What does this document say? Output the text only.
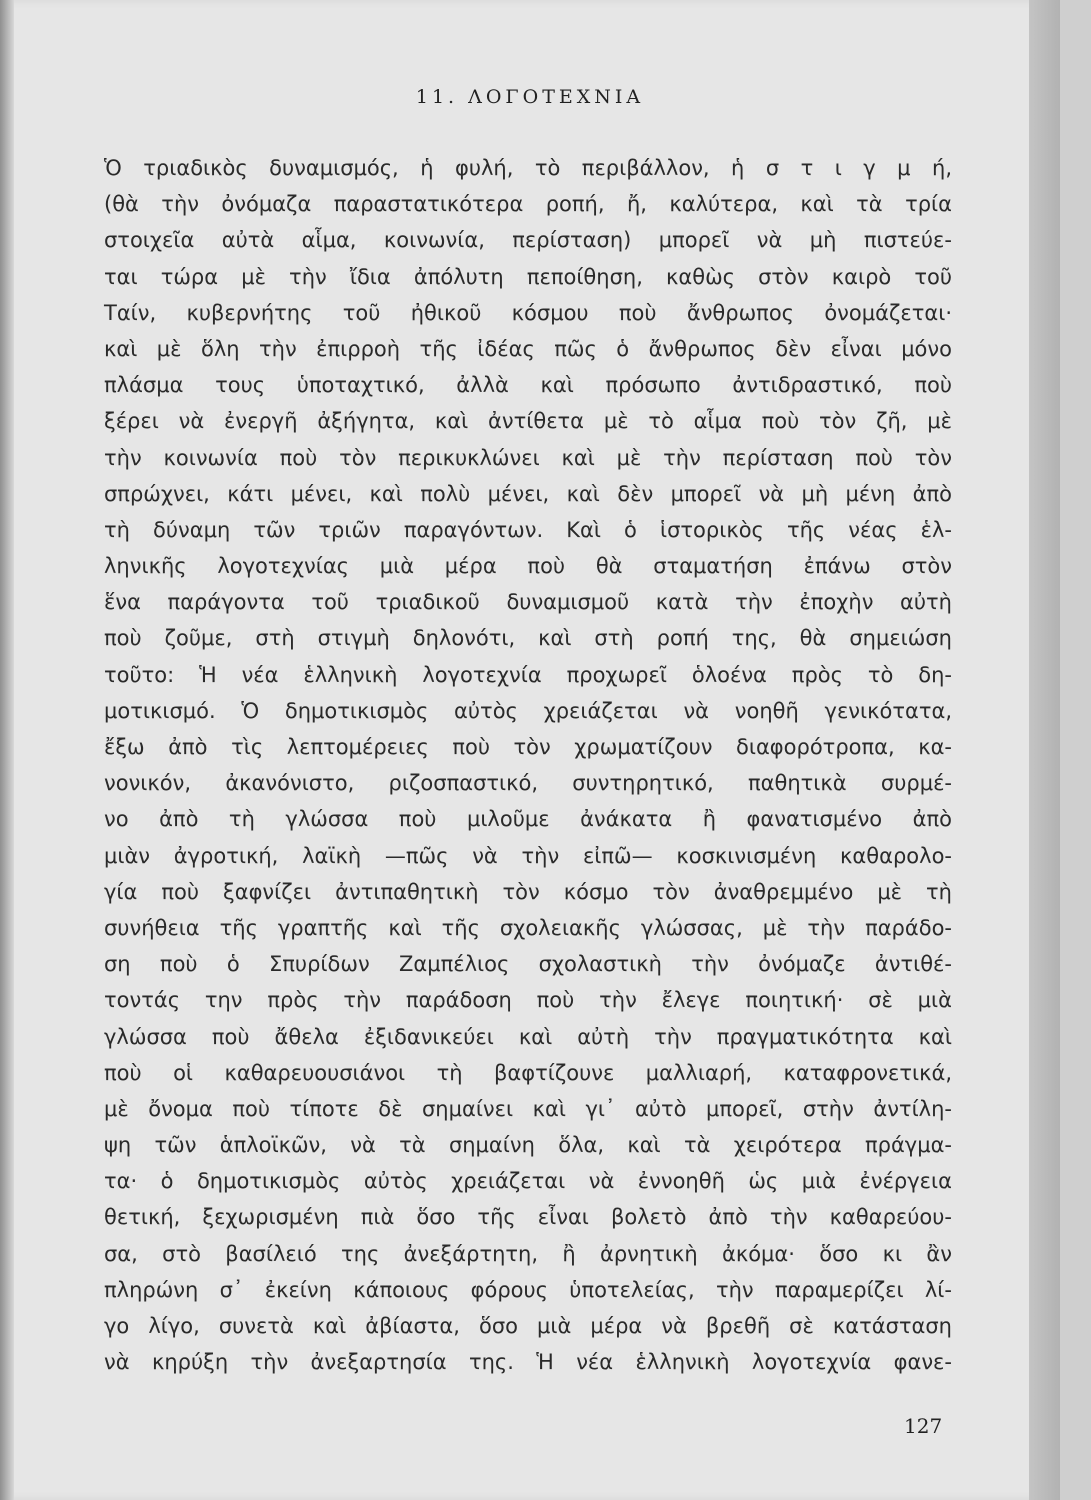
11. ΛΟΓΟΤΕΧΝΙΑ
Ὁ τριαδικὸς δυναμισμός, ἡ φυλή, τὸ περιβάλλον, ἡ σ τ ι γ μ ή,
(θὰ τὴν ὀνόμαζα παραστατικότερα ροπή, ἤ, καλύτερα, καὶ τὰ τρία
στοιχεῖα αὐτὰ αἷμα, κοινωνία, περίσταση) μπορεῖ νὰ μὴ πιστεύε-
ται τώρα μὲ τὴν ἴδια ἀπόλυτη πεποίθηση, καθὼς στὸν καιρὸ τοῦ
Ταίν, κυβερνήτης τοῦ ἠθικοῦ κόσμου ποὺ ἄνθρωπος ὀνομάζεται·
καὶ μὲ ὅλη τὴν ἐπιρροὴ τῆς ἰδέας πῶς ὁ ἄνθρωπος δὲν εἶναι μόνο
πλάσμα τους ὑποταχτικό, ἀλλὰ καὶ πρόσωπο ἀντιδραστικό, ποὺ
ξέρει νὰ ἐνεργῆ ἀξήγητα, καὶ ἀντίθετα μὲ τὸ αἷμα ποὺ τὸν ζῆ, μὲ
τὴν κοινωνία ποὺ τὸν περικυκλώνει καὶ μὲ τὴν περίσταση ποὺ τὸν
σπρώχνει, κάτι μένει, καὶ πολὺ μένει, καὶ δὲν μπορεῖ νὰ μὴ μένη ἀπὸ
τὴ δύναμη τῶν τριῶν παραγόντων. Καὶ ὁ ἱστορικὸς τῆς νέας ἑλ-
ληνικῆς λογοτεχνίας μιὰ μέρα ποὺ θὰ σταματήση ἐπάνω στὸν
ἕνα παράγοντα τοῦ τριαδικοῦ δυναμισμοῦ κατὰ τὴν ἐποχὴν αὐτὴ
ποὺ ζοῦμε, στὴ στιγμὴ δηλονότι, καὶ στὴ ροπή της, θὰ σημειώση
τοῦτο: Ἡ νέα ἑλληνικὴ λογοτεχνία προχωρεῖ ὁλοένα πρὸς τὸ δη-
μοτικισμό. Ὁ δημοτικισμὸς αὐτὸς χρειάζεται νὰ νοηθῆ γενικότατα,
ἔξω ἀπὸ τὶς λεπτομέρειες ποὺ τὸν χρωματίζουν διαφορότροπα, κα-
νονικόν, ἀκανόνιστο, ριζοσπαστικό, συντηρητικό, παθητικὰ συρμέ-
νο ἀπὸ τὴ γλώσσα ποὺ μιλοῦμε ἀνάκατα ἢ φανατισμένο ἀπὸ
μιὰν ἀγροτική, λαϊκὴ —πῶς νὰ τὴν εἰπῶ— κοσκινισμένη καθαρολο-
γία ποὺ ξαφνίζει ἀντιπαθητικὴ τὸν κόσμο τὸν ἀναθρεμμένο μὲ τὴ
συνήθεια τῆς γραπτῆς καὶ τῆς σχολειακῆς γλώσσας, μὲ τὴν παράδο-
ση ποὺ ὁ Σπυρίδων Ζαμπέλιος σχολαστικὴ τὴν ὀνόμαζε ἀντιθέ-
τοντάς την πρὸς τὴν παράδοση ποὺ τὴν ἔλεγε ποιητική· σὲ μιὰ
γλώσσα ποὺ ἄθελα ἐξιδανικεύει καὶ αὐτὴ τὴν πραγματικότητα καὶ
ποὺ οἱ καθαρευουσιάνοι τὴ βαφτίζουνε μαλλιαρή, καταφρονετικά,
μὲ ὄνομα ποὺ τίποτε δὲ σημαίνει καὶ γι᾿ αὐτὸ μπορεῖ, στὴν ἀντίλη-
ψη τῶν ἁπλοϊκῶν, νὰ τὰ σημαίνη ὅλα, καὶ τὰ χειρότερα πράγμα-
τα· ὁ δημοτικισμὸς αὐτὸς χρειάζεται νὰ ἐννοηθῆ ὡς μιὰ ἐνέργεια
θετική, ξεχωρισμένη πιὰ ὅσο τῆς εἶναι βολετὸ ἀπὸ τὴν καθαρεύου-
σα, στὸ βασίλειό της ἀνεξάρτητη, ἢ ἀρνητικὴ ἀκόμα· ὅσο κι ἂν
πληρώνη σ᾿ ἐκείνη κάποιους φόρους ὑποτελείας, τὴν παραμερίζει λί-
γο λίγο, συνετὰ καὶ ἀβίαστα, ὅσο μιὰ μέρα νὰ βρεθῆ σὲ κατάσταση
νὰ κηρύξη τὴν ἀνεξαρτησία της. Ἡ νέα ἑλληνικὴ λογοτεχνία φανε-
127
